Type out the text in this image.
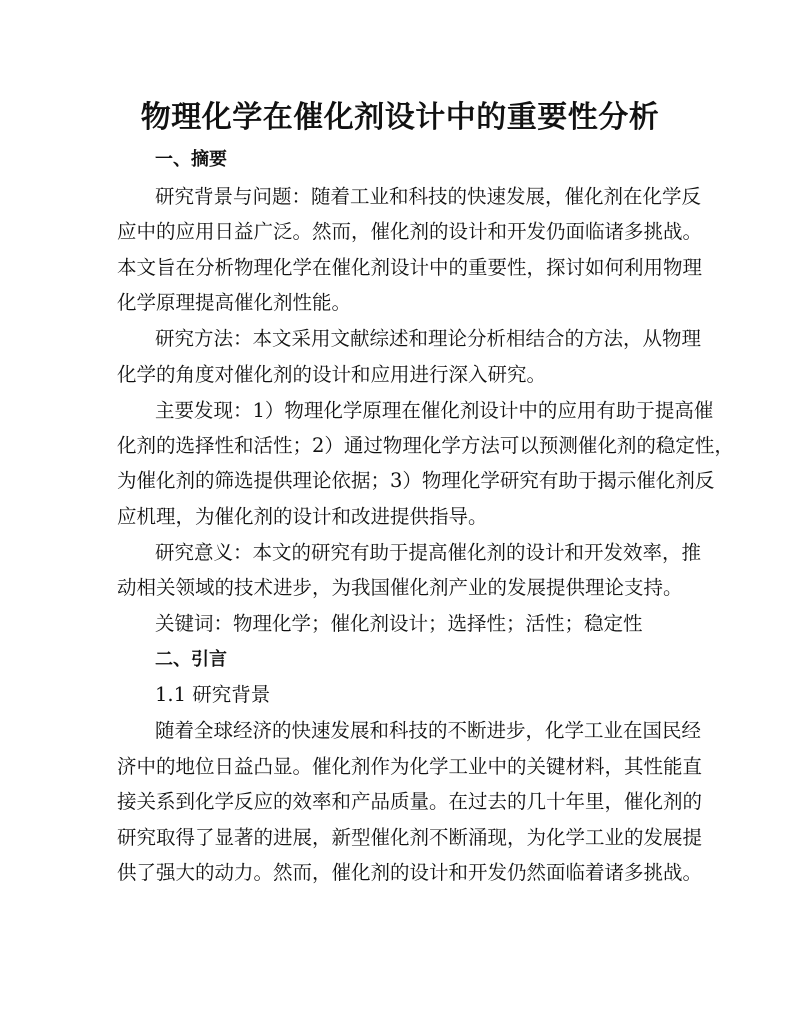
物理化学在催化剂设计中的重要性分析
一、摘要
研究背景与问题：随着工业和科技的快速发展，催化剂在化学反
应中的应用日益广泛。然而，催化剂的设计和开发仍面临诸多挑战。
本文旨在分析物理化学在催化剂设计中的重要性，探讨如何利用物理
化学原理提高催化剂性能。
研究方法：本文采用文献综述和理论分析相结合的方法，从物理
化学的角度对催化剂的设计和应用进行深入研究。
主要发现：1）物理化学原理在催化剂设计中的应用有助于提高催
化剂的选择性和活性；2）通过物理化学方法可以预测催化剂的稳定性，
为催化剂的筛选提供理论依据；3）物理化学研究有助于揭示催化剂反
应机理，为催化剂的设计和改进提供指导。
研究意义：本文的研究有助于提高催化剂的设计和开发效率，推
动相关领域的技术进步，为我国催化剂产业的发展提供理论支持。
关键词：物理化学；催化剂设计；选择性；活性；稳定性
二、引言
1.1 研究背景
随着全球经济的快速发展和科技的不断进步，化学工业在国民经
济中的地位日益凸显。催化剂作为化学工业中的关键材料，其性能直
接关系到化学反应的效率和产品质量。在过去的几十年里，催化剂的
研究取得了显著的进展，新型催化剂不断涌现，为化学工业的发展提
供了强大的动力。然而，催化剂的设计和开发仍然面临着诸多挑战。
